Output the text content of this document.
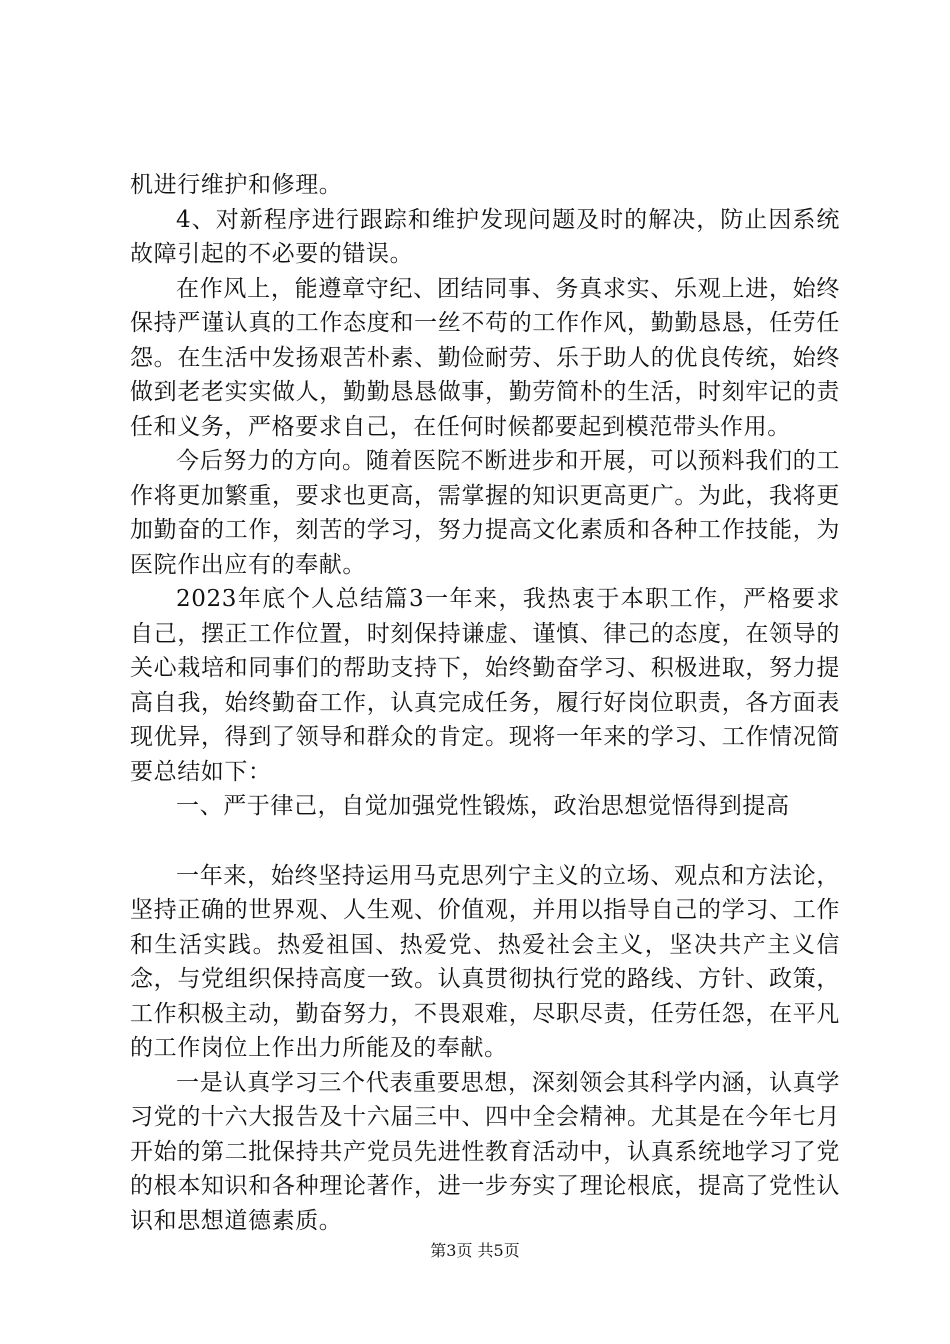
机进行维护和修理。

4、对新程序进行跟踪和维护发现问题及时的解决，防止因系统故障引起的不必要的错误。

在作风上，能遵章守纪、团结同事、务真求实、乐观上进，始终保持严谨认真的工作态度和一丝不苟的工作作风，勤勤恳恳，任劳任怨。在生活中发扬艰苦朴素、勤俭耐劳、乐于助人的优良传统，始终做到老老实实做人，勤勤恳恳做事，勤劳简朴的生活，时刻牢记的责任和义务，严格要求自己，在任何时候都要起到模范带头作用。

今后努力的方向。随着医院不断进步和开展，可以预料我们的工作将更加繁重，要求也更高，需掌握的知识更高更广。为此，我将更加勤奋的工作，刻苦的学习，努力提高文化素质和各种工作技能，为医院作出应有的奉献。

2023年底个人总结篇3一年来，我热衷于本职工作，严格要求自己，摆正工作位置，时刻保持谦虚、谨慎、律己的态度，在领导的关心栽培和同事们的帮助支持下，始终勤奋学习、积极进取，努力提高自我，始终勤奋工作，认真完成任务，履行好岗位职责，各方面表现优异，得到了领导和群众的肯定。现将一年来的学习、工作情况简要总结如下：

一、严于律己，自觉加强党性锻炼，政治思想觉悟得到提高

一年来，始终坚持运用马克思列宁主义的立场、观点和方法论，坚持正确的世界观、人生观、价值观，并用以指导自己的学习、工作和生活实践。热爱祖国、热爱党、热爱社会主义，坚决共产主义信念，与党组织保持高度一致。认真贯彻执行党的路线、方针、政策，工作积极主动，勤奋努力，不畏艰难，尽职尽责，任劳任怨，在平凡的工作岗位上作出力所能及的奉献。

一是认真学习三个代表重要思想，深刻领会其科学内涵，认真学习党的十六大报告及十六届三中、四中全会精神。尤其是在今年七月开始的第二批保持共产党员先进性教育活动中，认真系统地学习了党的根本知识和各种理论著作，进一步夯实了理论根底，提高了党性认识和思想道德素质。

第3页 共5页
